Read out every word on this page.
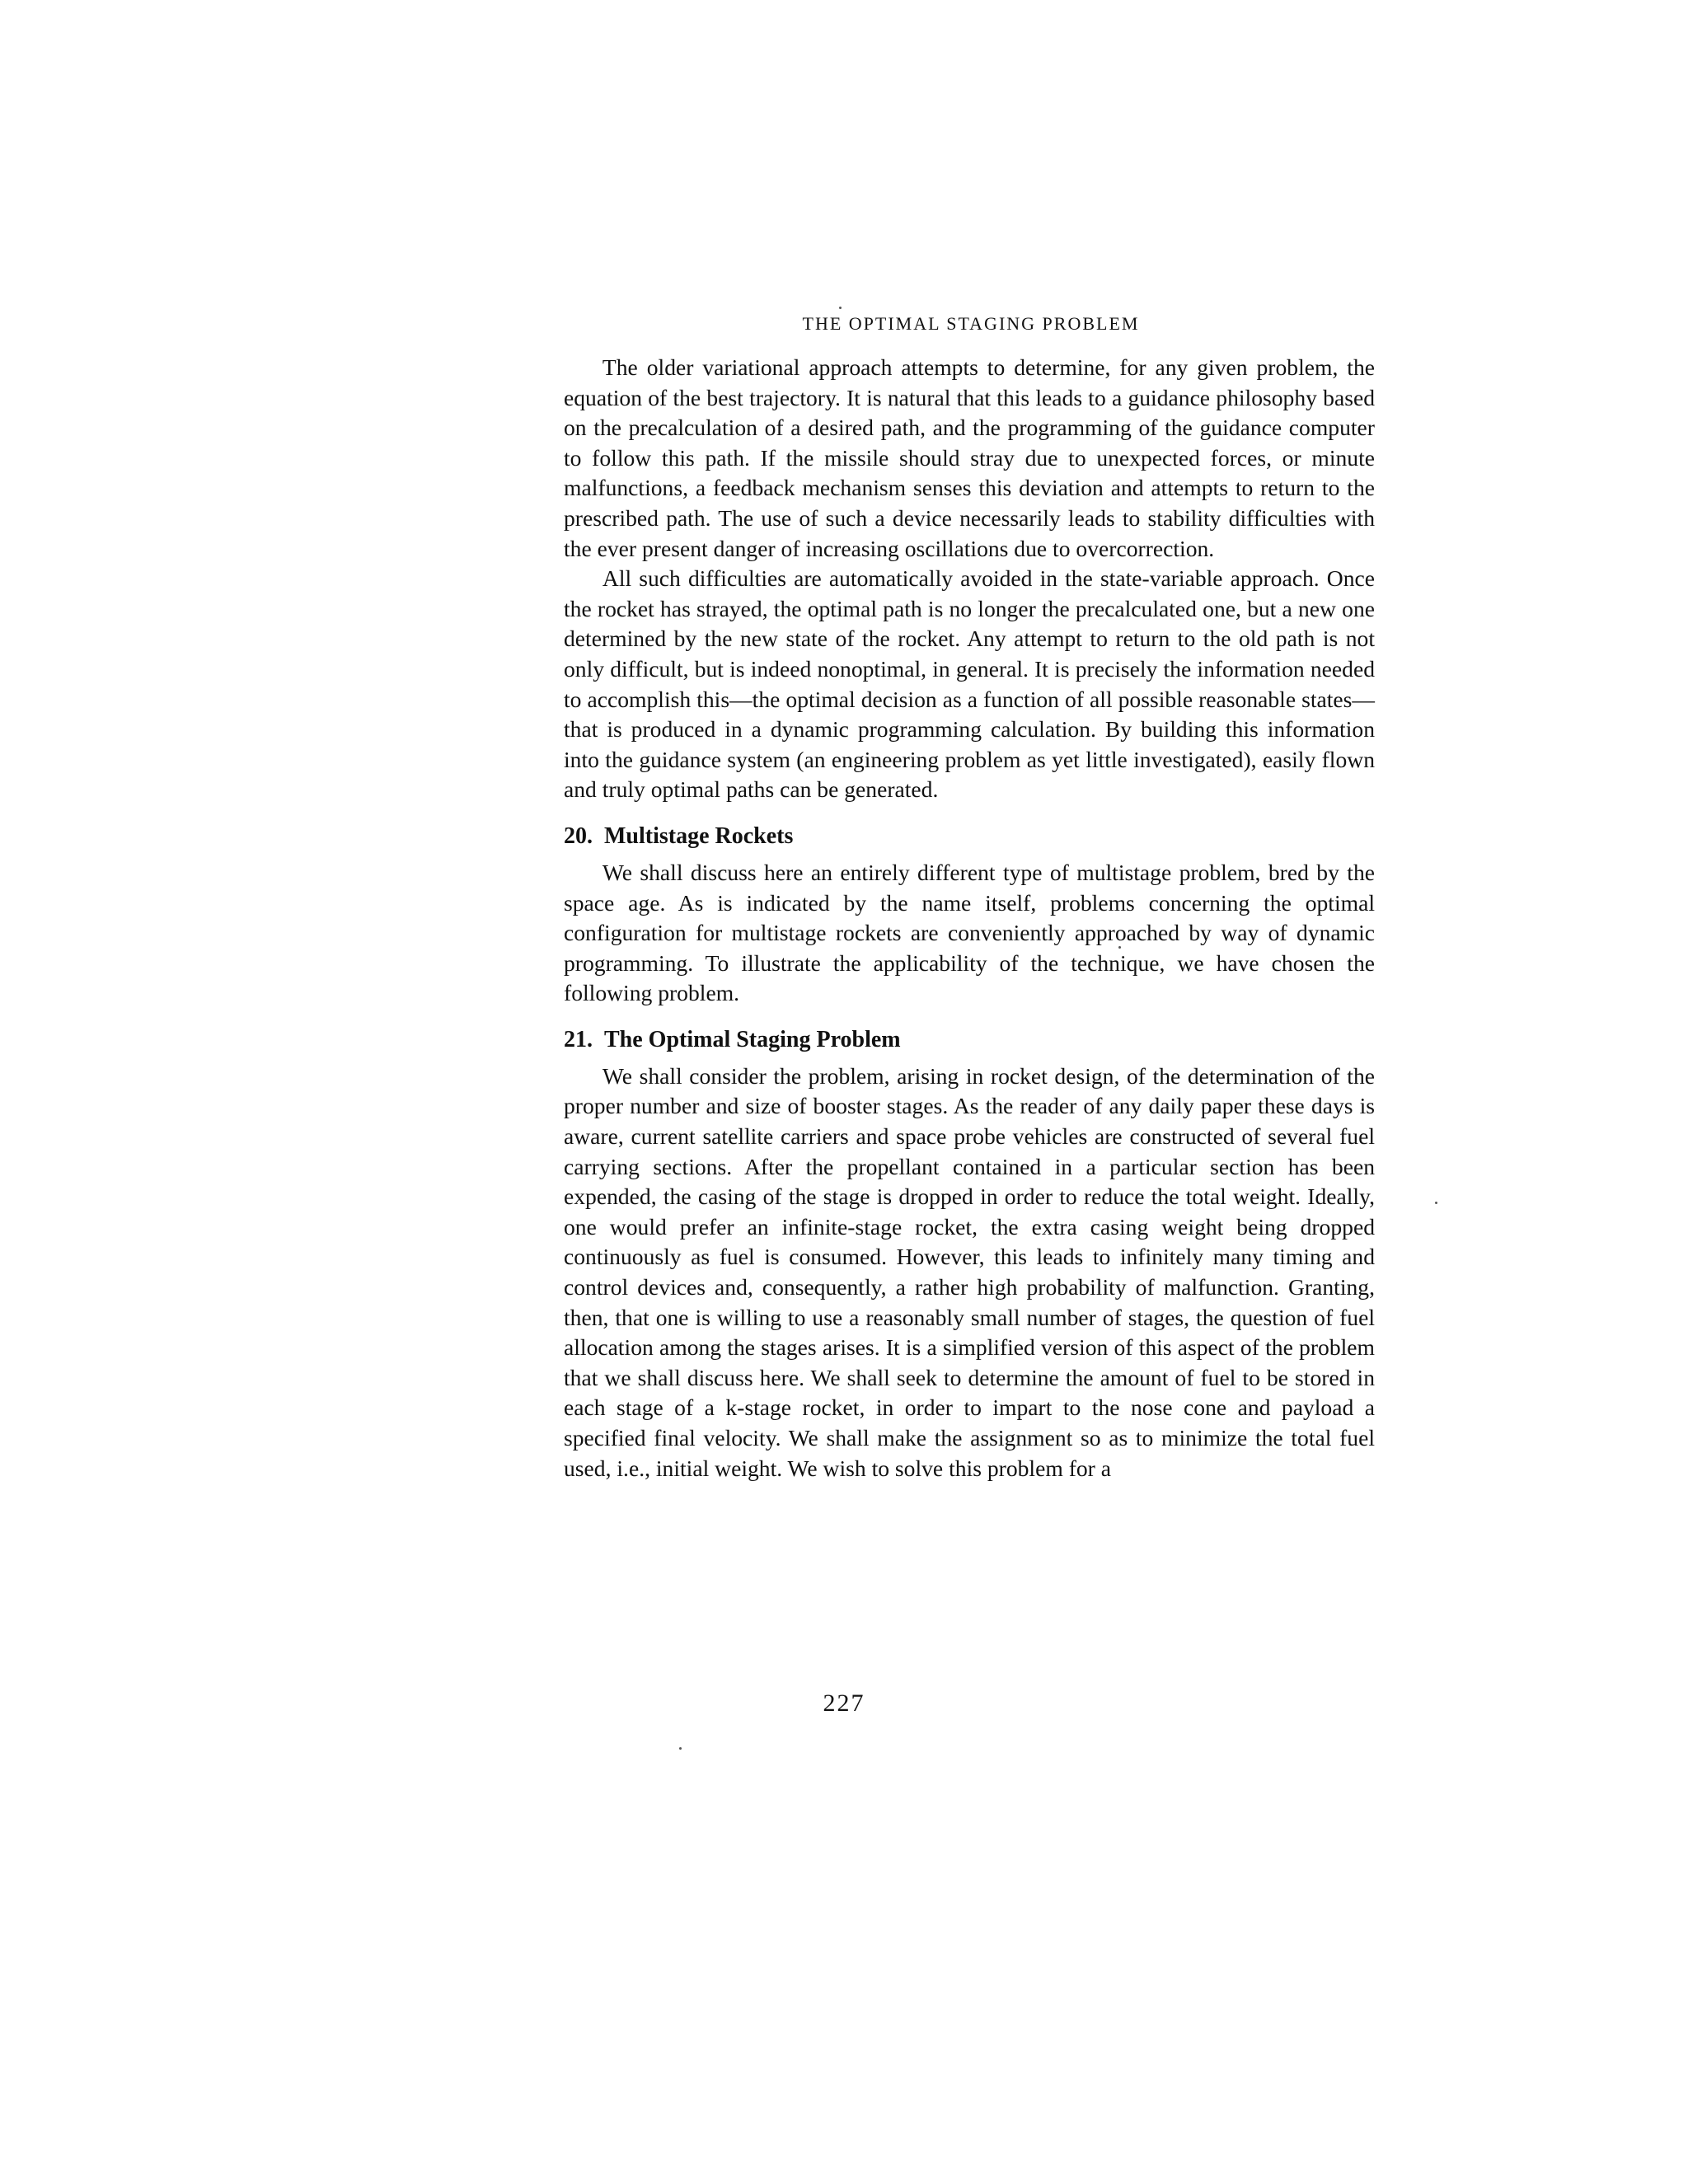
THE OPTIMAL STAGING PROBLEM

The older variational approach attempts to determine, for any given problem, the equation of the best trajectory. It is natural that this leads to a guidance philosophy based on the precalculation of a desired path, and the programming of the guidance computer to follow this path. If the missile should stray due to unexpected forces, or minute malfunctions, a feedback mechanism senses this deviation and attempts to return to the prescribed path. The use of such a device necessarily leads to stability difficulties with the ever present danger of increasing oscillations due to overcorrection.

All such difficulties are automatically avoided in the state-variable approach. Once the rocket has strayed, the optimal path is no longer the precalculated one, but a new one determined by the new state of the rocket. Any attempt to return to the old path is not only difficult, but is indeed nonoptimal, in general. It is precisely the information needed to accomplish this—the optimal decision as a function of all possible reasonable states—that is produced in a dynamic programming calculation. By building this information into the guidance system (an engineering problem as yet little investigated), easily flown and truly optimal paths can be generated.

20. Multistage Rockets

We shall discuss here an entirely different type of multistage problem, bred by the space age. As is indicated by the name itself, problems concerning the optimal configuration for multistage rockets are conveniently approached by way of dynamic programming. To illustrate the applicability of the technique, we have chosen the following problem.

21. The Optimal Staging Problem

We shall consider the problem, arising in rocket design, of the determination of the proper number and size of booster stages. As the reader of any daily paper these days is aware, current satellite carriers and space probe vehicles are constructed of several fuel carrying sections. After the propellant contained in a particular section has been expended, the casing of the stage is dropped in order to reduce the total weight. Ideally, one would prefer an infinite-stage rocket, the extra casing weight being dropped continuously as fuel is consumed. However, this leads to infinitely many timing and control devices and, consequently, a rather high probability of malfunction. Granting, then, that one is willing to use a reasonably small number of stages, the question of fuel allocation among the stages arises. It is a simplified version of this aspect of the problem that we shall discuss here. We shall seek to determine the amount of fuel to be stored in each stage of a k-stage rocket, in order to impart to the nose cone and payload a specified final velocity. We shall make the assignment so as to minimize the total fuel used, i.e., initial weight. We wish to solve this problem for a

227
